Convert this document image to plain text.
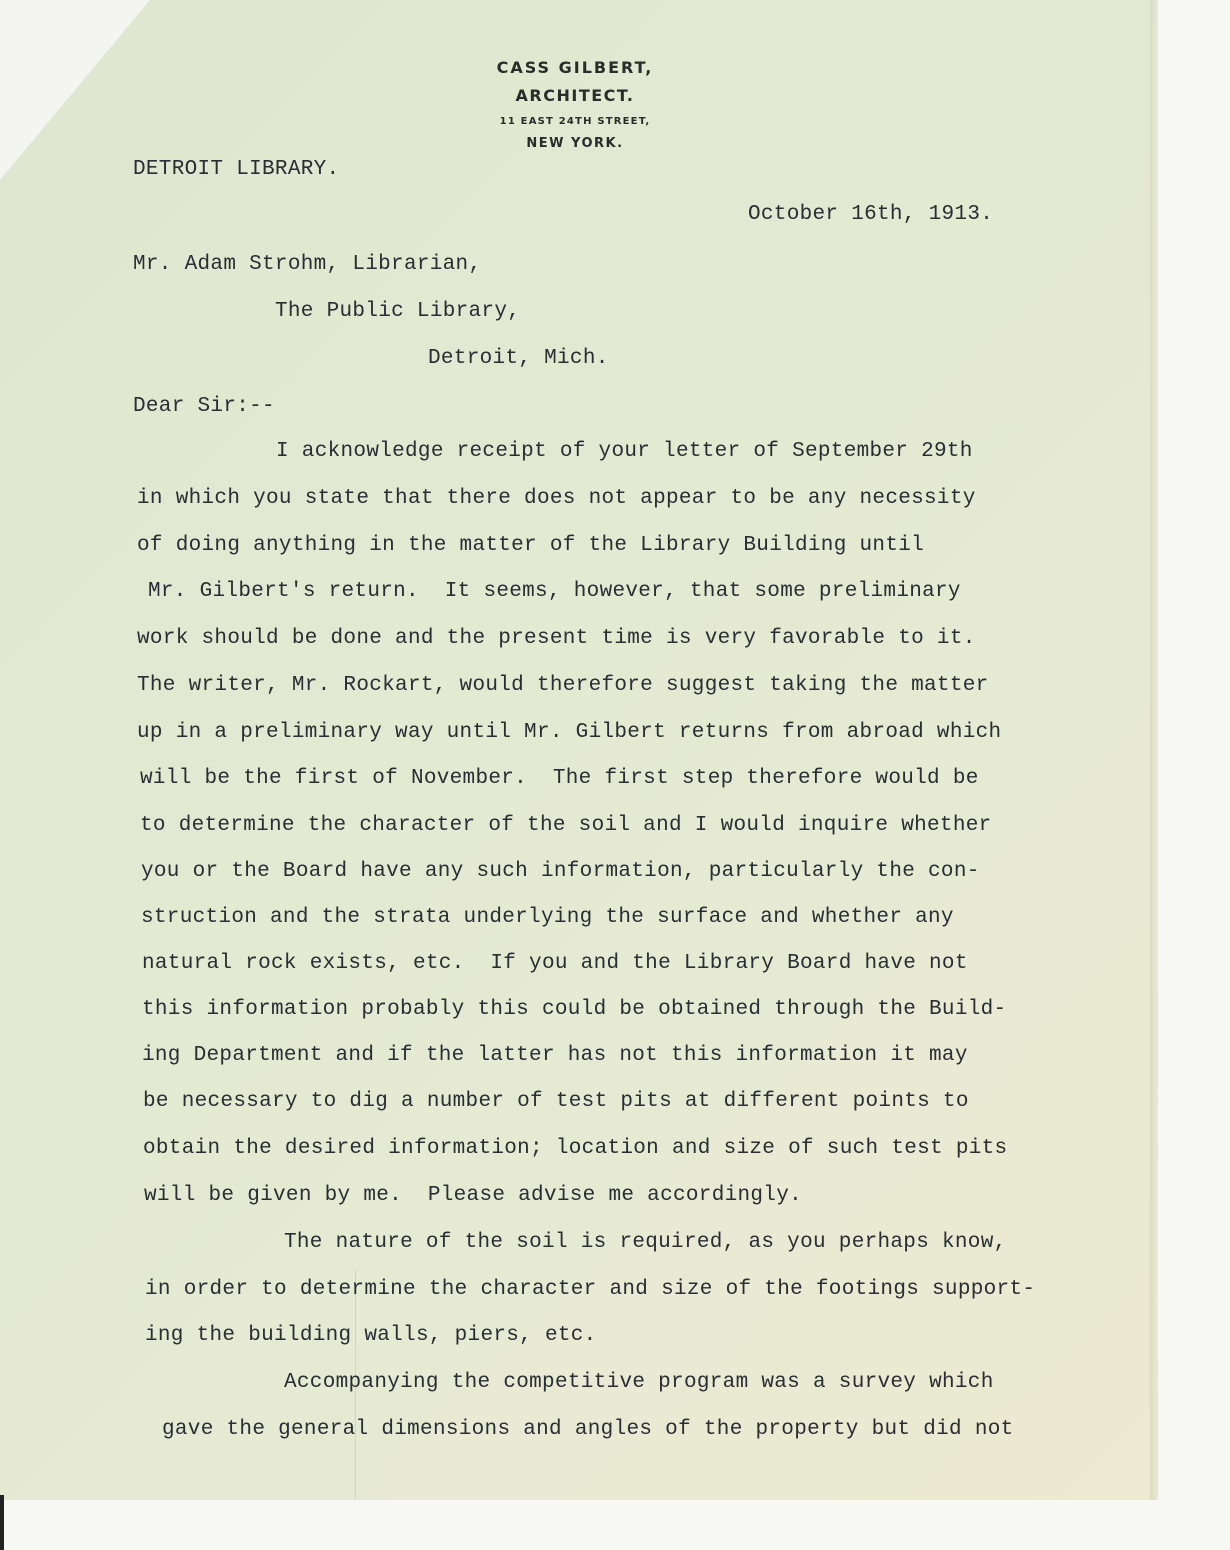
CASS GILBERT,
ARCHITECT.
11 EAST 24TH STREET,
NEW YORK.
DETROIT LIBRARY.
October 16th, 1913.
Mr. Adam Strohm, Librarian,
The Public Library,
Detroit, Mich.
Dear Sir:--
I acknowledge receipt of your letter of September 29th
in which you state that there does not appear to be any necessity
of doing anything in the matter of the Library Building until
Mr. Gilbert's return.  It seems, however, that some preliminary
work should be done and the present time is very favorable to it.
The writer, Mr. Rockart, would therefore suggest taking the matter
up in a preliminary way until Mr. Gilbert returns from abroad which
will be the first of November.  The first step therefore would be
to determine the character of the soil and I would inquire whether
you or the Board have any such information, particularly the con-
struction and the strata underlying the surface and whether any
natural rock exists, etc.  If you and the Library Board have not
this information probably this could be obtained through the Build-
ing Department and if the latter has not this information it may
be necessary to dig a number of test pits at different points to
obtain the desired information; location and size of such test pits
will be given by me.  Please advise me accordingly.
The nature of the soil is required, as you perhaps know,
in order to determine the character and size of the footings support-
ing the building walls, piers, etc.
Accompanying the competitive program was a survey which
gave the general dimensions and angles of the property but did not
